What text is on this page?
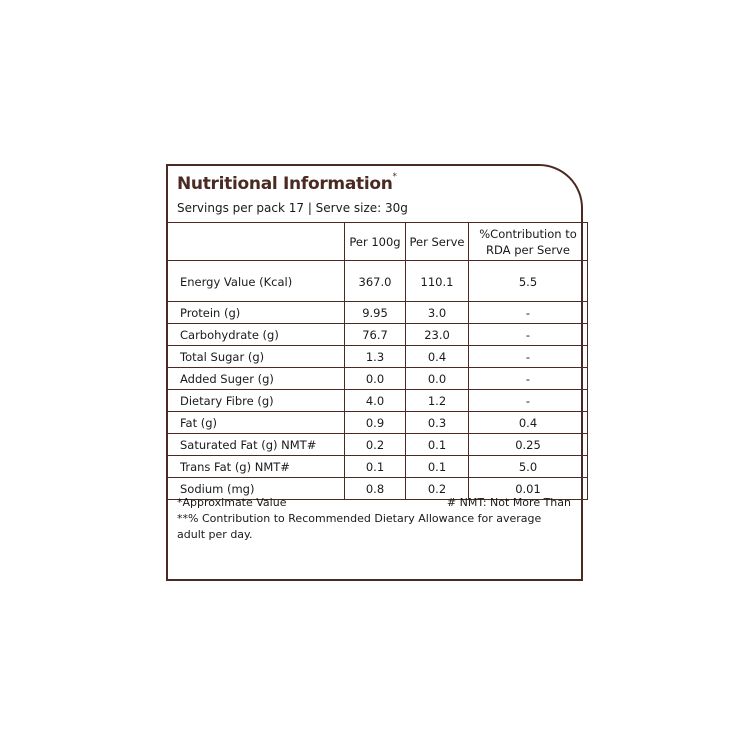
Nutritional Information*
Servings per pack 17 | Serve size: 30g
	Per 100g	Per Serve	%Contribution to RDA per Serve
Energy Value (Kcal)	367.0	110.1	5.5
Protein (g)	9.95	3.0	-
Carbohydrate (g)	76.7	23.0	-
Total Sugar (g)	1.3	0.4	-
Added Suger (g)	0.0	0.0	-
Dietary Fibre (g)	4.0	1.2	-
Fat (g)	0.9	0.3	0.4
Saturated Fat (g) NMT#	0.2	0.1	0.25
Trans Fat (g) NMT#	0.1	0.1	5.0
Sodium (mg)	0.8	0.2	0.01
*Approximate Value	# NMT: Not More Than
**% Contribution to Recommended Dietary Allowance for average
adult per day.
